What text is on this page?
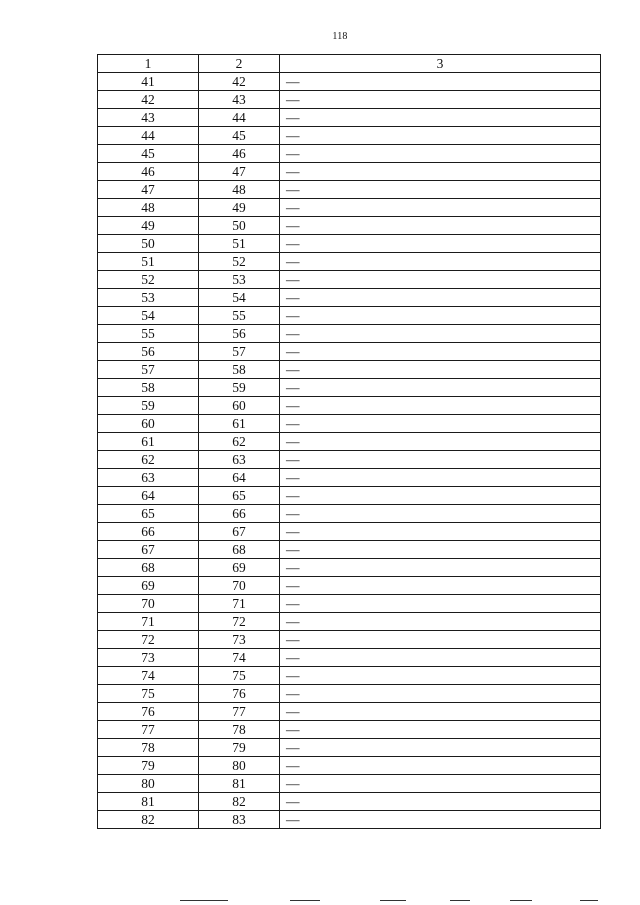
118
1	2	3
41	42	—
42	43	—
43	44	—
44	45	—
45	46	—
46	47	—
47	48	—
48	49	—
49	50	—
50	51	—
51	52	—
52	53	—
53	54	—
54	55	—
55	56	—
56	57	—
57	58	—
58	59	—
59	60	—
60	61	—
61	62	—
62	63	—
63	64	—
64	65	—
65	66	—
66	67	—
67	68	—
68	69	—
69	70	—
70	71	—
71	72	—
72	73	—
73	74	—
74	75	—
75	76	—
76	77	—
77	78	—
78	79	—
79	80	—
80	81	—
81	82	—
82	83	—
